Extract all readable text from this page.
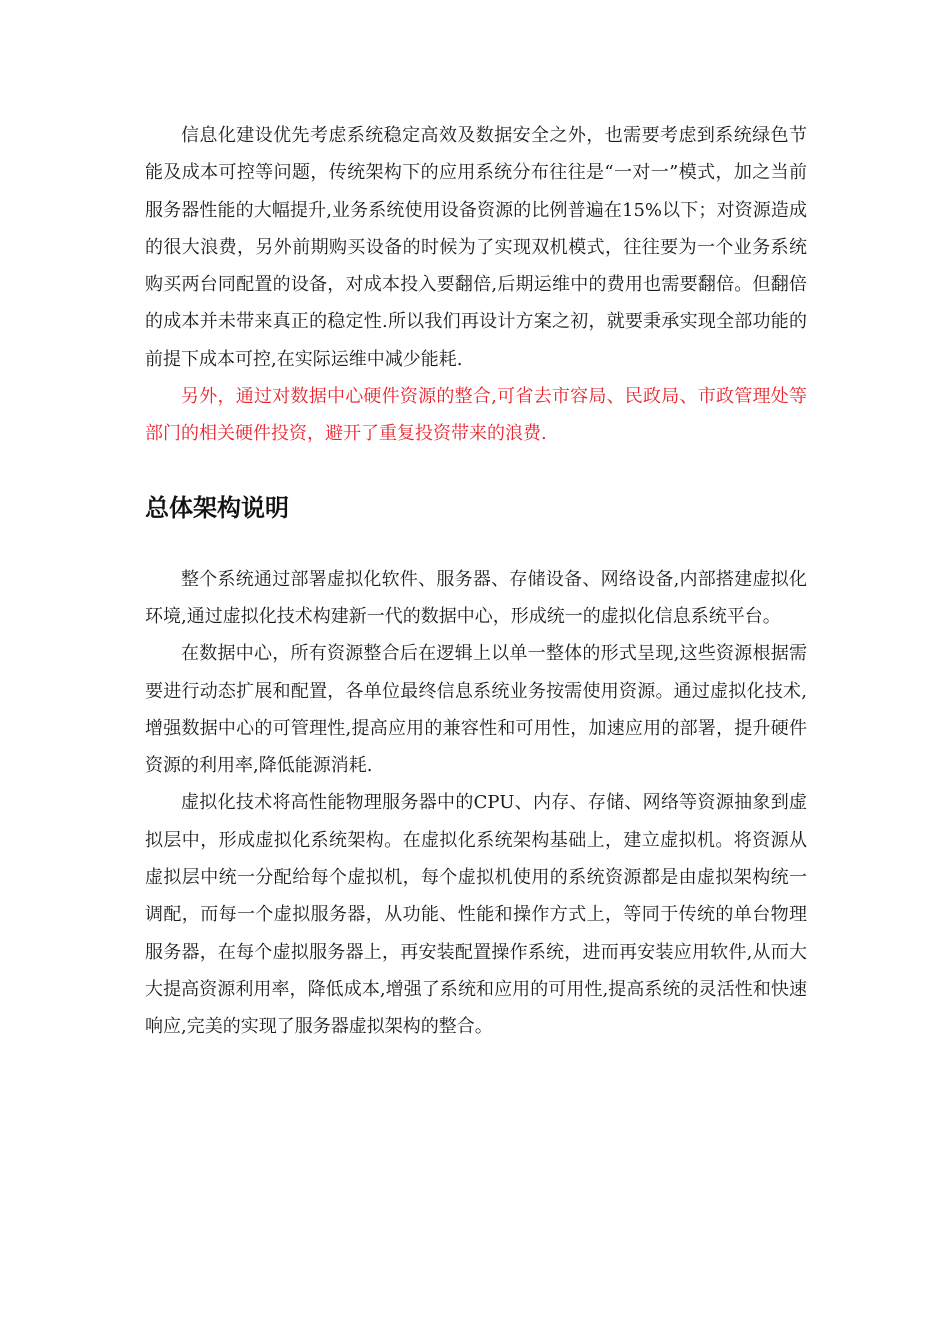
信息化建设优先考虑系统稳定高效及数据安全之外，也需要考虑到系统绿色节能及成本可控等问题，传统架构下的应用系统分布往往是“一对一”模式，加之当前服务器性能的大幅提升,业务系统使用设备资源的比例普遍在15%以下；对资源造成的很大浪费，另外前期购买设备的时候为了实现双机模式，往往要为一个业务系统购买两台同配置的设备，对成本投入要翻倍,后期运维中的费用也需要翻倍。但翻倍的成本并未带来真正的稳定性.所以我们再设计方案之初，就要秉承实现全部功能的前提下成本可控,在实际运维中减少能耗.

另外，通过对数据中心硬件资源的整合,可省去市容局、民政局、市政管理处等部门的相关硬件投资，避开了重复投资带来的浪费.

总体架构说明

整个系统通过部署虚拟化软件、服务器、存储设备、网络设备,内部搭建虚拟化环境,通过虚拟化技术构建新一代的数据中心，形成统一的虚拟化信息系统平台。

在数据中心，所有资源整合后在逻辑上以单一整体的形式呈现,这些资源根据需要进行动态扩展和配置，各单位最终信息系统业务按需使用资源。通过虚拟化技术,增强数据中心的可管理性,提高应用的兼容性和可用性，加速应用的部署，提升硬件资源的利用率,降低能源消耗.

虚拟化技术将高性能物理服务器中的CPU、内存、存储、网络等资源抽象到虚拟层中，形成虚拟化系统架构。在虚拟化系统架构基础上，建立虚拟机。将资源从虚拟层中统一分配给每个虚拟机，每个虚拟机使用的系统资源都是由虚拟架构统一调配，而每一个虚拟服务器，从功能、性能和操作方式上，等同于传统的单台物理服务器，在每个虚拟服务器上，再安装配置操作系统，进而再安装应用软件,从而大大提高资源利用率，降低成本,增强了系统和应用的可用性,提高系统的灵活性和快速响应,完美的实现了服务器虚拟架构的整合。
